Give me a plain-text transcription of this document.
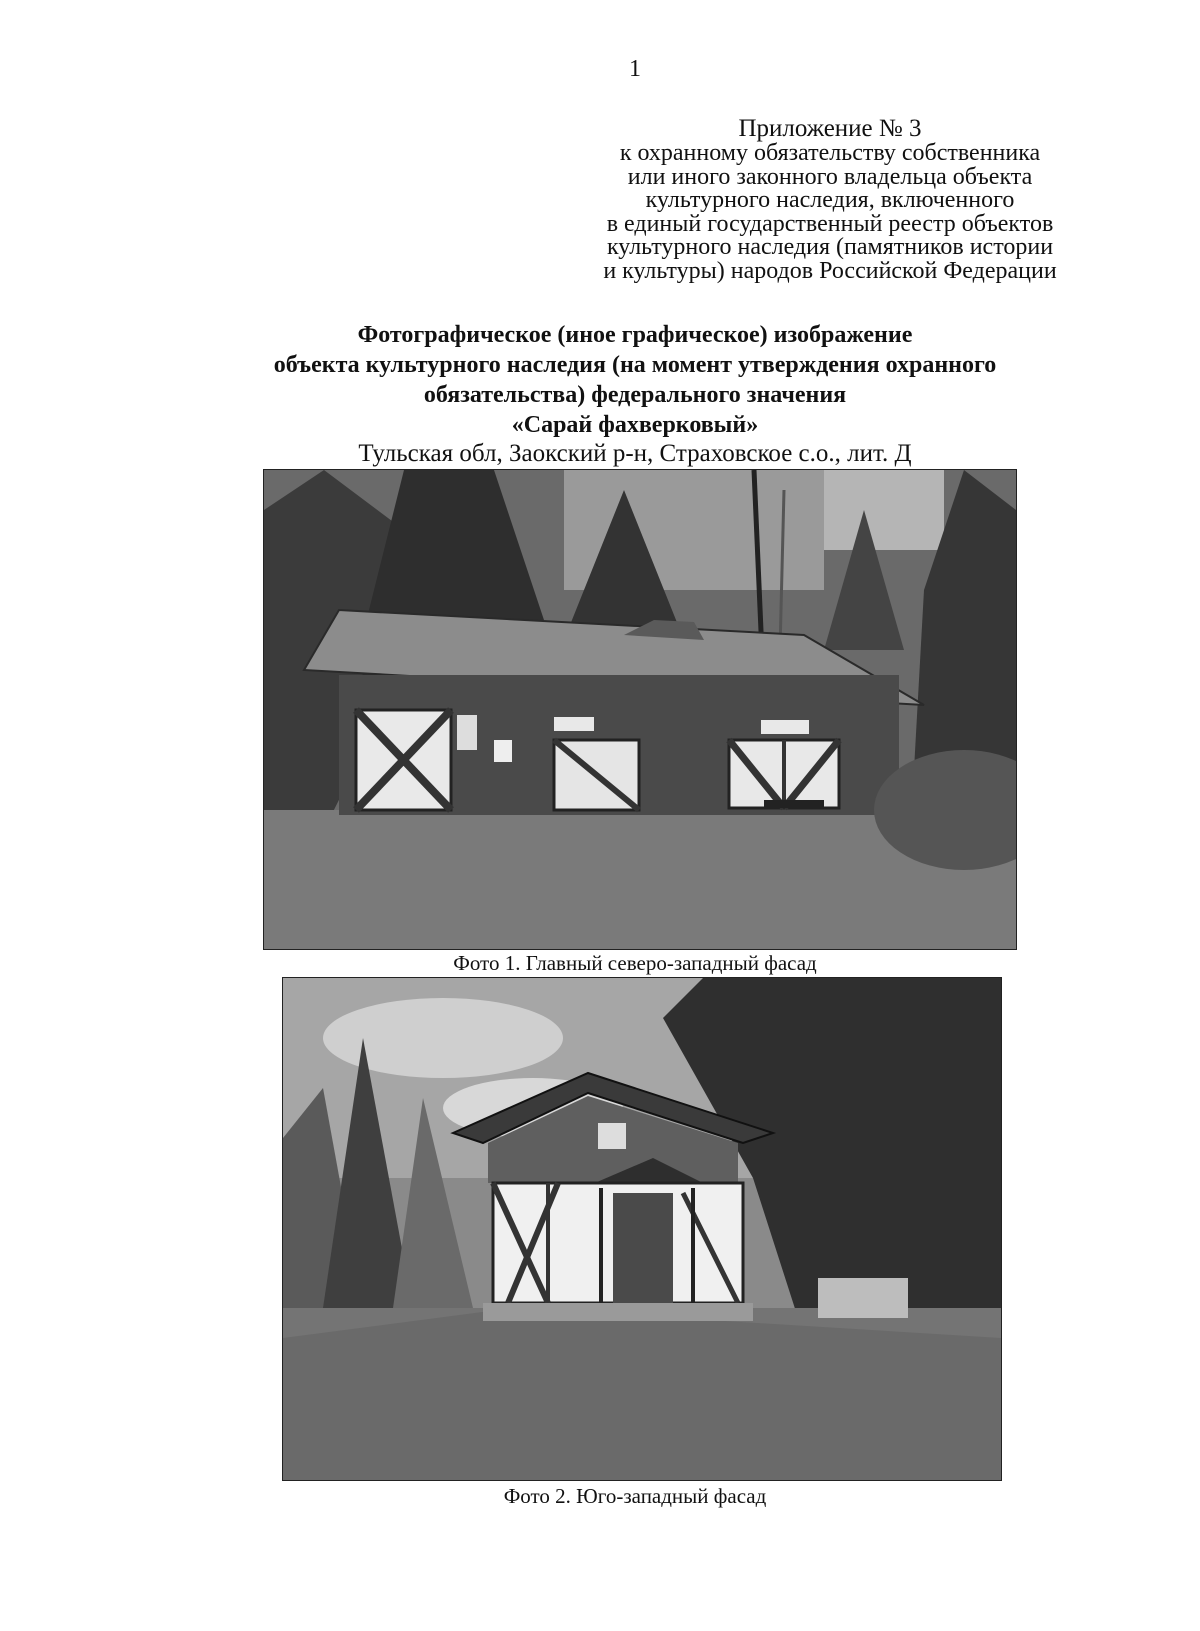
1
Приложение № 3
к охранному обязательству собственника
или иного законного владельца объекта
культурного наследия, включенного
в единый государственный реестр объектов
культурного наследия (памятников истории
и культуры) народов Российской Федерации
Фотографическое (иное графическое) изображение
объекта культурного наследия (на момент утверждения охранного
обязательства) федерального значения
«Сарай фахверковый»
Тульская обл, Заокский р-н, Страховское с.о., лит. Д
Фото 1. Главный северо-западный фасад
Фото 2. Юго-западный фасад
